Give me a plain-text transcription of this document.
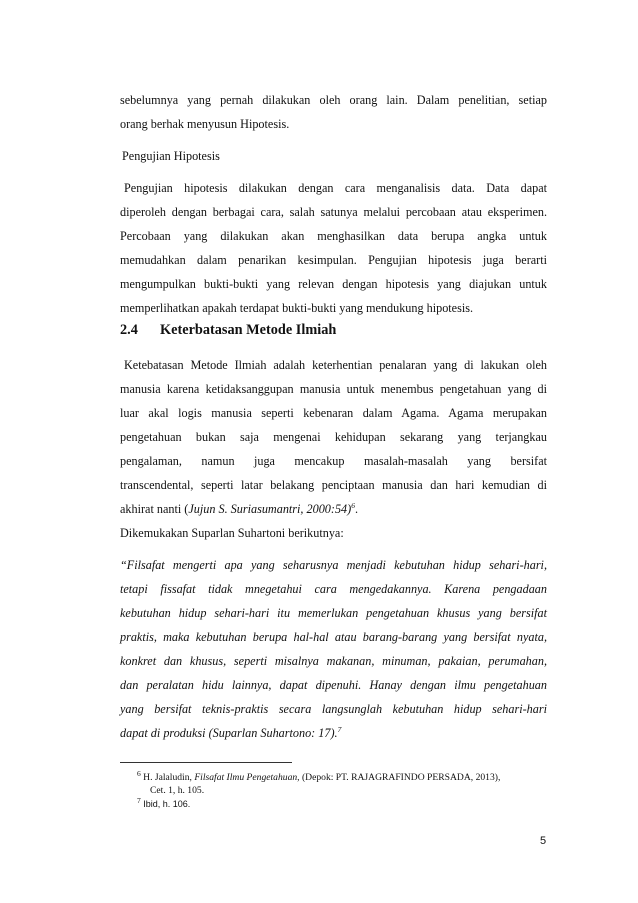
sebelumnya yang pernah dilakukan oleh orang lain. Dalam penelitian, setiap
orang berhak menyusun Hipotesis.
Pengujian Hipotesis
Pengujian hipotesis dilakukan dengan cara menganalisis data. Data dapat
diperoleh dengan berbagai cara, salah satunya melalui percobaan atau eksperimen.
Percobaan yang dilakukan akan menghasilkan data berupa angka untuk
memudahkan dalam penarikan kesimpulan. Pengujian hipotesis juga berarti
mengumpulkan bukti-bukti yang relevan dengan hipotesis yang diajukan untuk
memperlihatkan apakah terdapat bukti-bukti yang mendukung hipotesis.
2.4 Keterbatasan Metode Ilmiah
Ketebatasan Metode Ilmiah adalah keterhentian penalaran yang di lakukan oleh
manusia karena ketidaksanggupan manusia untuk menembus pengetahuan yang di
luar akal logis manusia seperti kebenaran dalam Agama. Agama merupakan
pengetahuan bukan saja mengenai kehidupan sekarang yang terjangkau
pengalaman, namun juga mencakup masalah-masalah yang bersifat
transcendental, seperti latar belakang penciptaan manusia dan hari kemudian di
akhirat nanti (Jujun S. Suriasumantri, 2000:54)$^6$.
Dikemukakan Suparlan Suhartoni berikutnya:
“Filsafat mengerti apa yang seharusnya menjadi kebutuhan hidup sehari-hari,
tetapi fissafat tidak mnegetahui cara mengedakannya. Karena pengadaan
kebutuhan hidup sehari-hari itu memerlukan pengetahuan khusus yang bersifat
praktis, maka kebutuhan berupa hal-hal atau barang-barang yang bersifat nyata,
konkret dan khusus, seperti misalnya makanan, minuman, pakaian, perumahan,
dan peralatan hidu lainnya, dapat dipenuhi. Hanay dengan ilmu pengetahuan
yang bersifat teknis-praktis secara langsunglah kebutuhan hidup sehari-hari
dapat di produksi (Suparlan Suhartono: 17).$^7$
$^6$ H. Jalaludin, Filsafat Ilmu Pengetahuan, (Depok: PT. RAJAGRAFINDO PERSADA, 2013),
Cet. 1, h. 105.
$^7$ Ibid, h. 106.
5
